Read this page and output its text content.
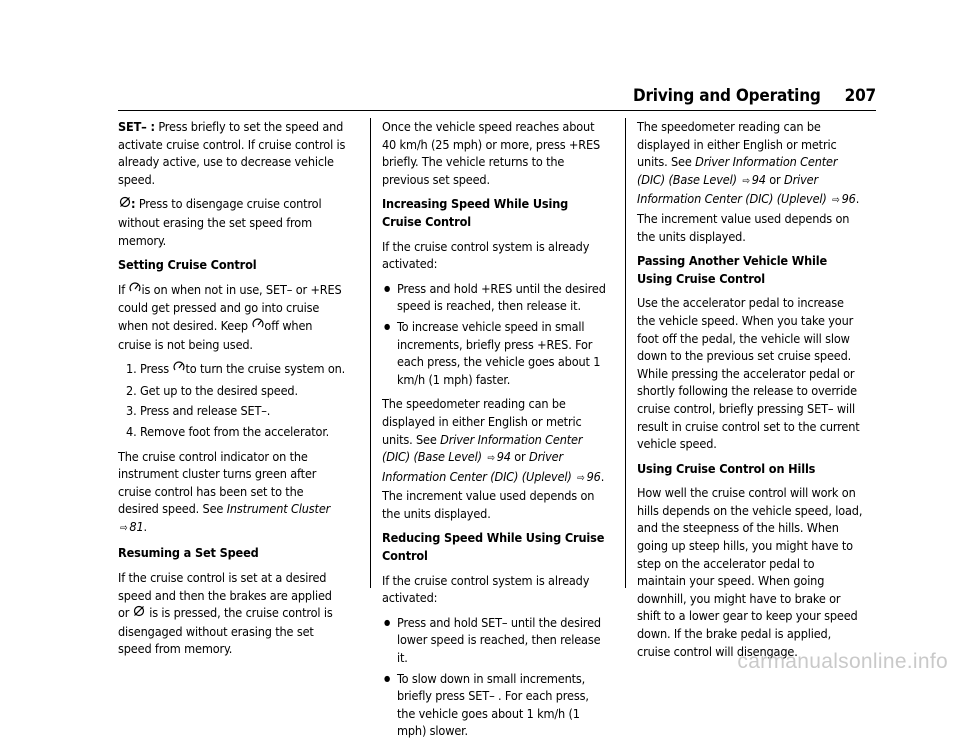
Driving and Operating 207

SET– : Press briefly to set the speed and activate cruise control. If cruise control is already active, use to decrease vehicle speed.

: Press to disengage cruise control without erasing the set speed from memory.

Setting Cruise Control

If is on when not in use, SET– or +RES could get pressed and go into cruise when not desired. Keep off when cruise is not being used.

1. Press to turn the cruise system on.
2. Get up to the desired speed.
3. Press and release SET–.
4. Remove foot from the accelerator.

The cruise control indicator on the instrument cluster turns green after cruise control has been set to the desired speed. See Instrument Cluster ⇨ 81.

Resuming a Set Speed

If the cruise control is set at a desired speed and then the brakes are applied or  is is pressed, the cruise control is disengaged without erasing the set speed from memory.

Once the vehicle speed reaches about 40 km/h (25 mph) or more, press +RES briefly. The vehicle returns to the previous set speed.

Increasing Speed While Using Cruise Control

If the cruise control system is already activated:

● Press and hold +RES until the desired speed is reached, then release it.
● To increase vehicle speed in small increments, briefly press +RES. For each press, the vehicle goes about 1 km/h (1 mph) faster.

The speedometer reading can be displayed in either English or metric units. See Driver Information Center (DIC) (Base Level) ⇨ 94 or Driver Information Center (DIC) (Uplevel) ⇨ 96. The increment value used depends on the units displayed.

Reducing Speed While Using Cruise Control

If the cruise control system is already activated:

● Press and hold SET– until the desired lower speed is reached, then release it.
● To slow down in small increments, briefly press SET– . For each press, the vehicle goes about 1 km/h (1 mph) slower.

The speedometer reading can be displayed in either English or metric units. See Driver Information Center (DIC) (Base Level) ⇨ 94 or Driver Information Center (DIC) (Uplevel) ⇨ 96. The increment value used depends on the units displayed.

Passing Another Vehicle While Using Cruise Control

Use the accelerator pedal to increase the vehicle speed. When you take your foot off the pedal, the vehicle will slow down to the previous set cruise speed. While pressing the accelerator pedal or shortly following the release to override cruise control, briefly pressing SET– will result in cruise control set to the current vehicle speed.

Using Cruise Control on Hills

How well the cruise control will work on hills depends on the vehicle speed, load, and the steepness of the hills. When going up steep hills, you might have to step on the accelerator pedal to maintain your speed. When going downhill, you might have to brake or shift to a lower gear to keep your speed down. If the brake pedal is applied, cruise control will disengage.

carmanualsonline.info
